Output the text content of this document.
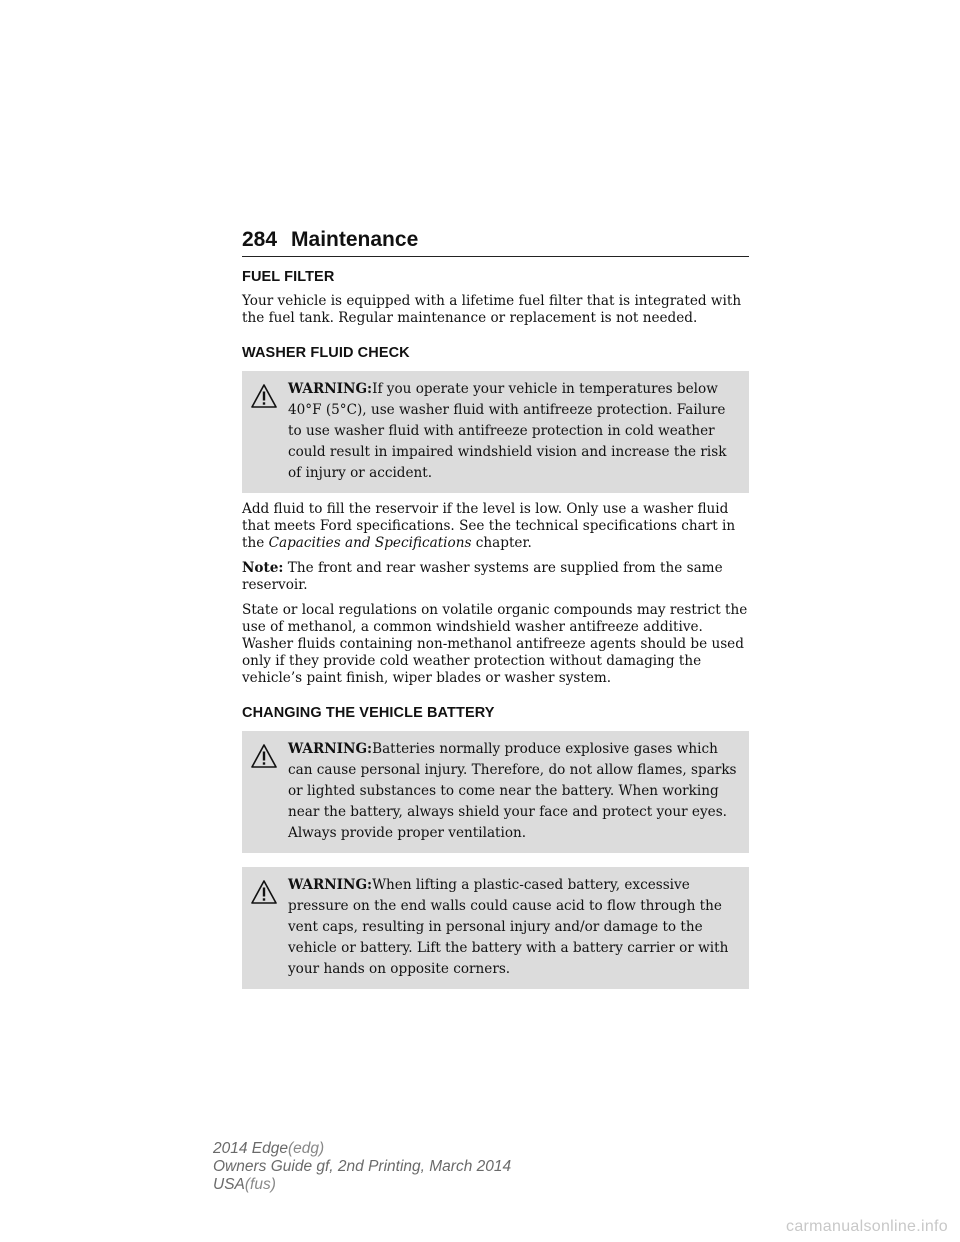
284 Maintenance
FUEL FILTER

Your vehicle is equipped with a lifetime fuel filter that is integrated with the fuel tank. Regular maintenance or replacement is not needed.

WASHER FLUID CHECK
WARNING:If you operate your vehicle in temperatures below 40°F (5°C), use washer fluid with antifreeze protection. Failure to use washer fluid with antifreeze protection in cold weather could result in impaired windshield vision and increase the risk of injury or accident.

Add fluid to fill the reservoir if the level is low. Only use a washer fluid that meets Ford specifications. See the technical specifications chart in the Capacities and Specifications chapter.

Note: The front and rear washer systems are supplied from the same reservoir.

State or local regulations on volatile organic compounds may restrict the use of methanol, a common windshield washer antifreeze additive. Washer fluids containing non-methanol antifreeze agents should be used only if they provide cold weather protection without damaging the vehicle’s paint finish, wiper blades or washer system.

CHANGING THE VEHICLE BATTERY
WARNING:Batteries normally produce explosive gases which can cause personal injury. Therefore, do not allow flames, sparks or lighted substances to come near the battery. When working near the battery, always shield your face and protect your eyes. Always provide proper ventilation.
WARNING:When lifting a plastic-cased battery, excessive pressure on the end walls could cause acid to flow through the vent caps, resulting in personal injury and/or damage to the vehicle or battery. Lift the battery with a battery carrier or with your hands on opposite corners.
2014 Edge(edg)
Owners Guide gf, 2nd Printing, March 2014
USA(fus)
carmanualsonline.info
